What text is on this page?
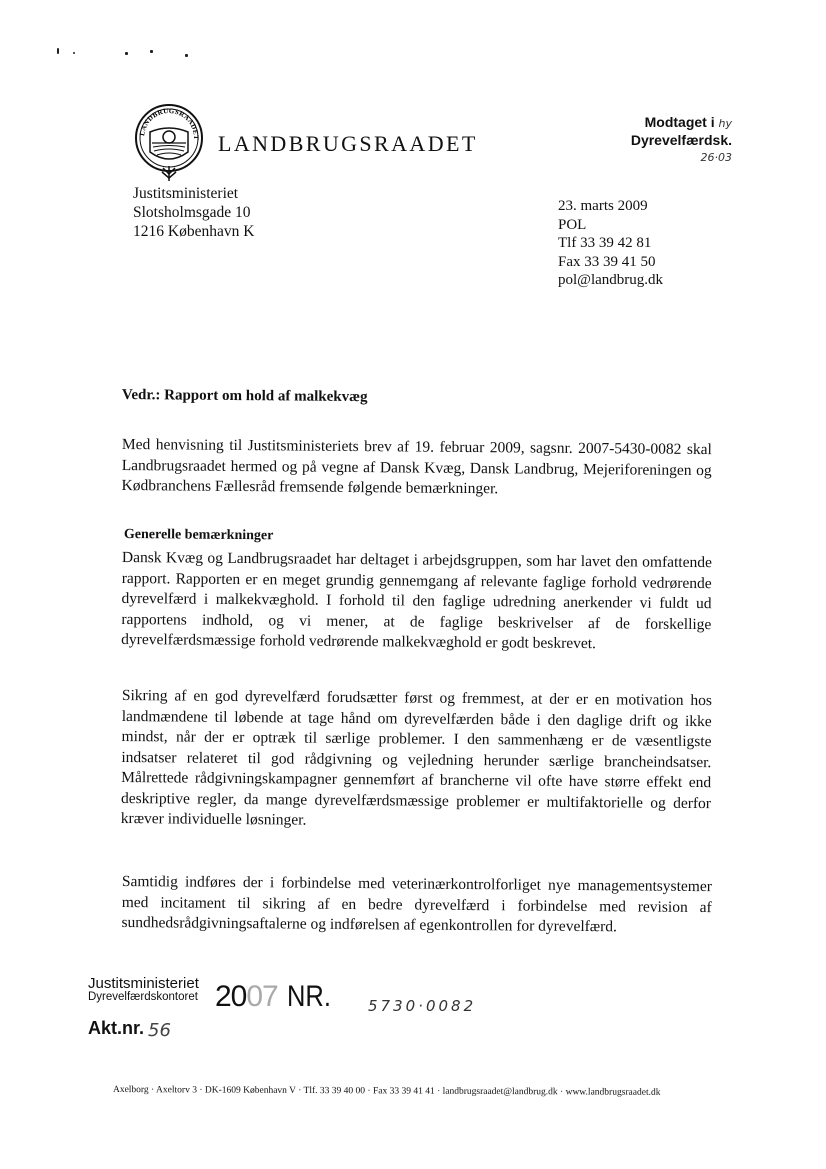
LANDBRUGSRAADET LANDBRUGSRAADET
Modtaget i hy
Dyrevelfærdsk. 26·03
Justitsministeriet
Slotsholmsgade 10
1216 København K
23. marts 2009
POL
Tlf 33 39 42 81
Fax 33 39 41 50
pol@landbrug.dk
Vedr.: Rapport om hold af malkekvæg

Med henvisning til Justitsministeriets brev af 19. februar 2009, sagsnr. 2007-5430-0082 skal Landbrugsraadet hermed og på vegne af Dansk Kvæg, Dansk Landbrug, Mejeriforeningen og Kødbranchens Fællesråd fremsende følgende bemærkninger.

Generelle bemærkninger

Dansk Kvæg og Landbrugsraadet har deltaget i arbejdsgruppen, som har lavet den omfattende rapport. Rapporten er en meget grundig gennemgang af relevante faglige forhold vedrørende dyrevelfærd i malkekvæghold. I forhold til den faglige udredning anerkender vi fuldt ud rapportens indhold, og vi mener, at de faglige beskrivelser af de forskellige dyrevelfærdsmæssige forhold vedrørende malkekvæghold er godt beskrevet.

Sikring af en god dyrevelfærd forudsætter først og fremmest, at der er en motivation hos landmændene til løbende at tage hånd om dyrevelfærden både i den daglige drift og ikke mindst, når der er optræk til særlige problemer. I den sammenhæng er de væsentligste indsatser relateret til god rådgivning og vejledning herunder særlige brancheindsatser. Målrettede rådgivningskampagner gennemført af brancherne vil ofte have større effekt end deskriptive regler, da mange dyrevelfærdsmæssige problemer er multifaktorielle og derfor kræver individuelle løsninger.

Samtidig indføres der i forbindelse med veterinærkontrolforliget nye managementsystemer med incitament til sikring af en bedre dyrevelfærd i forbindelse med revision af sundhedsrådgivningsaftalerne og indførelsen af egenkontrollen for dyrevelfærd.

Justitsministeriet
Dyrevelfærdskontoret 2007 NR. 5730·0082
Akt.nr. 56
Axelborg · Axeltorv 3 · DK-1609 København V · Tlf. 33 39 40 00 · Fax 33 39 41 41 · landbrugsraadet@landbrug.dk · www.landbrugsraadet.dk
